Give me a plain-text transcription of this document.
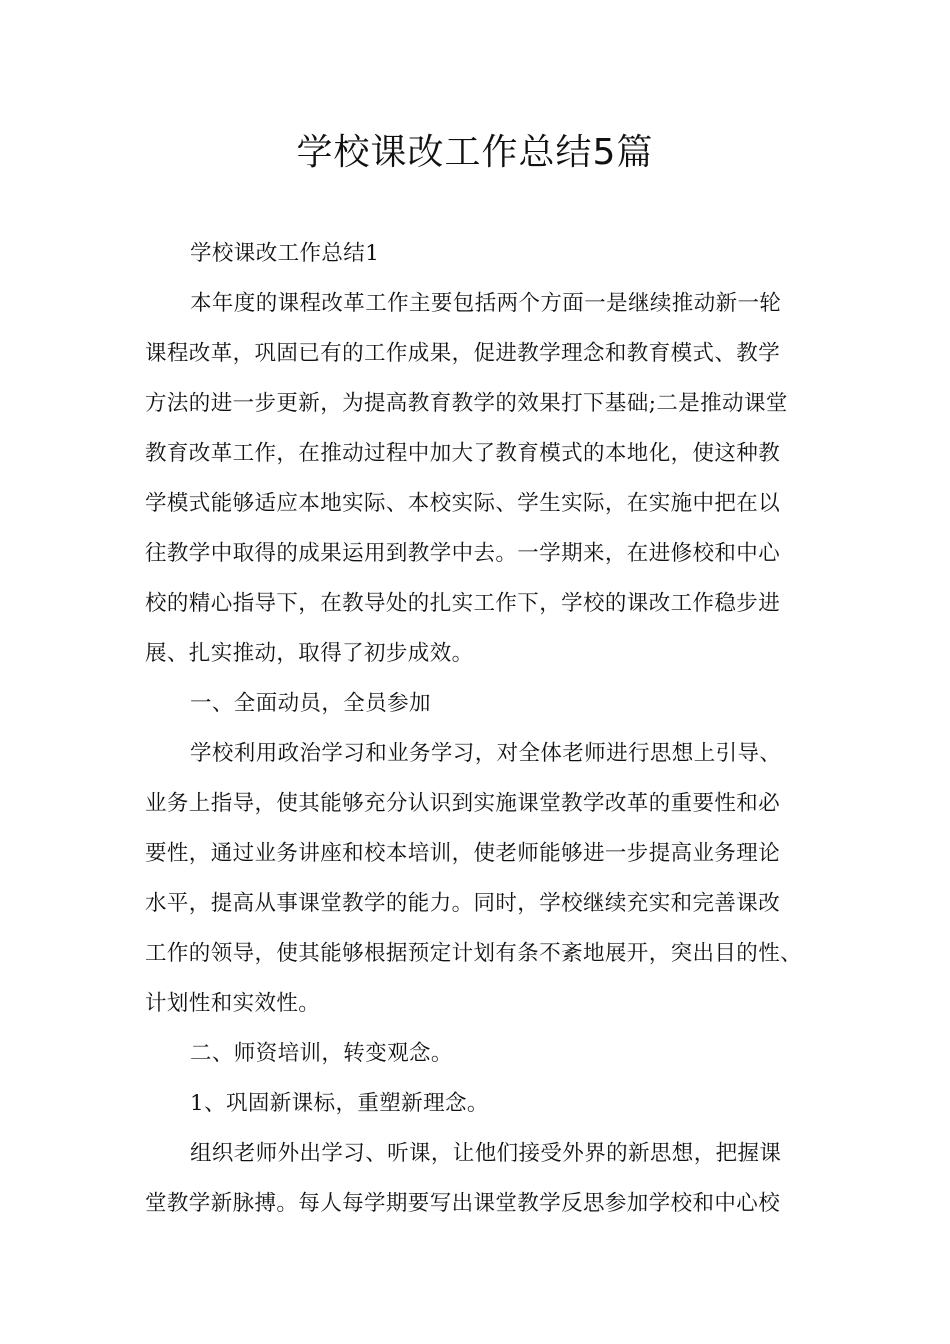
学校课改工作总结5篇
学校课改工作总结1
本年度的课程改革工作主要包括两个方面一是继续推动新一轮
课程改革，巩固已有的工作成果，促进教学理念和教育模式、教学
方法的进一步更新，为提高教育教学的效果打下基础;二是推动课堂
教育改革工作，在推动过程中加大了教育模式的本地化，使这种教
学模式能够适应本地实际、本校实际、学生实际，在实施中把在以
往教学中取得的成果运用到教学中去。一学期来，在进修校和中心
校的精心指导下，在教导处的扎实工作下，学校的课改工作稳步进
展、扎实推动，取得了初步成效。
一、全面动员，全员参加
学校利用政治学习和业务学习，对全体老师进行思想上引导、
业务上指导，使其能够充分认识到实施课堂教学改革的重要性和必
要性，通过业务讲座和校本培训，使老师能够进一步提高业务理论
水平，提高从事课堂教学的能力。同时，学校继续充实和完善课改
工作的领导，使其能够根据预定计划有条不紊地展开，突出目的性、
计划性和实效性。
二、师资培训，转变观念。
1、巩固新课标，重塑新理念。
组织老师外出学习、听课，让他们接受外界的新思想，把握课
堂教学新脉搏。每人每学期要写出课堂教学反思参加学校和中心校
